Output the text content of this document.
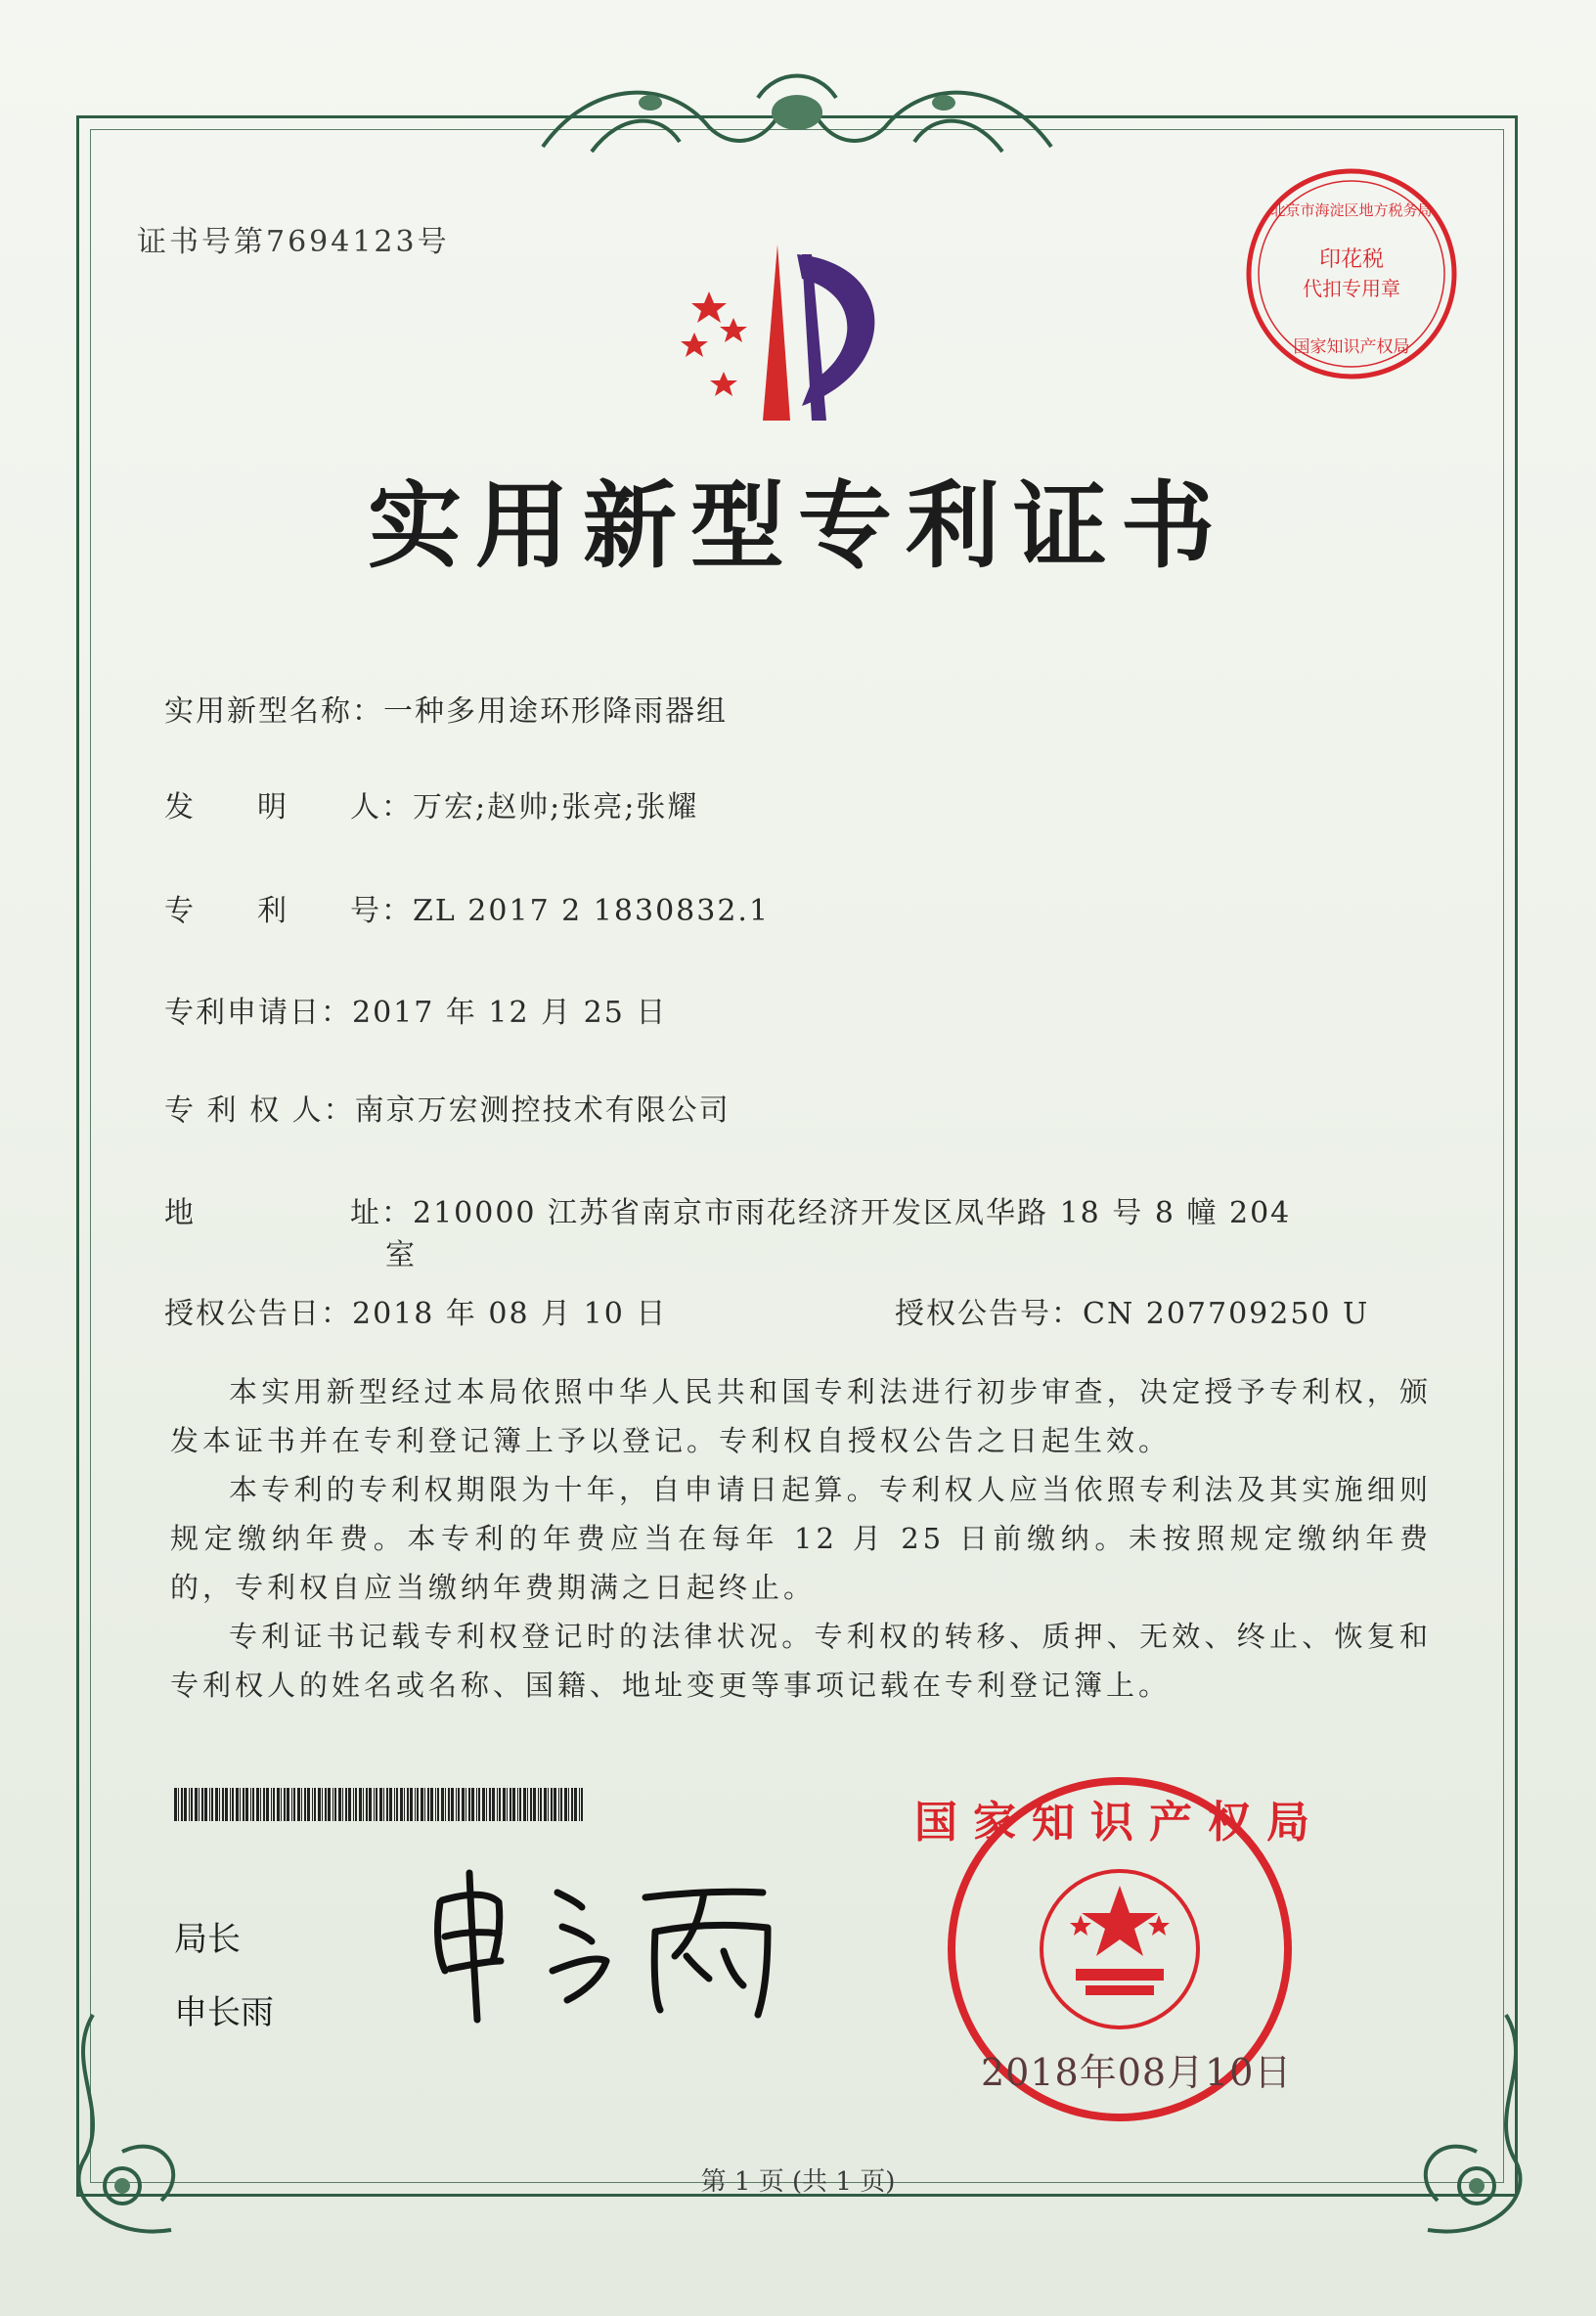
证书号第7694123号
印花税
代扣专用章
北京市海淀区地方税务局
国家知识产权局
实用新型专利证书
实用新型名称：一种多用途环形降雨器组
发 明 人 ：万宏;赵帅;张亮;张耀
专 利 号 ：ZL 2017 2 1830832.1
专利申请日：2017 年 12 月 25 日
专 利 权 人：南京万宏测控技术有限公司
地	址 ：210000 江苏省南京市雨花经济开发区凤华路 18 号 8 幢 204
室
授权公告日：2018 年 08 月 10 日	授权公告号：CN 207709250 U
本实用新型经过本局依照中华人民共和国专利法进行初步审查，决定授予专利权，颁发本证书并在专利登记簿上予以登记。专利权自授权公告之日起生效。
本专利的专利权期限为十年，自申请日起算。专利权人应当依照专利法及其实施细则规定缴纳年费。本专利的年费应当在每年 12 月 25 日前缴纳。未按照规定缴纳年费的，专利权自应当缴纳年费期满之日起终止。
专利证书记载专利权登记时的法律状况。专利权的转移、质押、无效、终止、恢复和专利权人的姓名或名称、国籍、地址变更等事项记载在专利登记簿上。
局长
申长雨
国家知识产权局
2018年08月10日
第 1 页 (共 1 页)
